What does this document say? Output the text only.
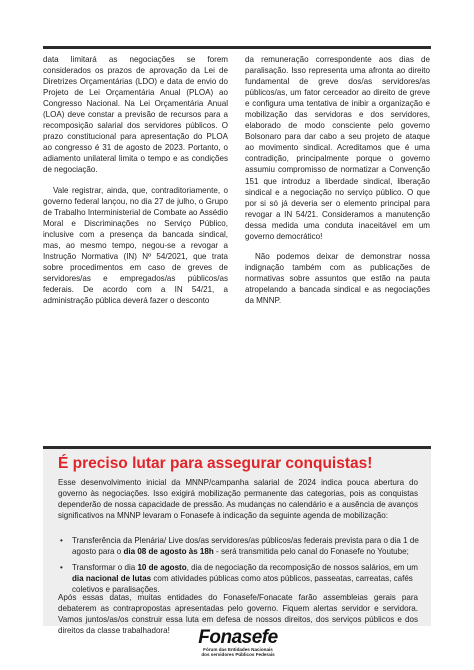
data limitará as negociações se forem considerados os prazos de aprovação da Lei de Diretrizes Orçamentárias (LDO) e data de envio do Projeto de Lei Orçamentária Anual (PLOA) ao Congresso Nacional. Na Lei Orçamentária Anual (LOA) deve constar a previsão de recursos para a recomposição salarial dos servidores públicos. O prazo constitucional para apresentação do PLOA ao congresso é 31 de agosto de 2023. Portanto, o adiamento unilateral limita o tempo e as condições de negociação.

Vale registrar, ainda, que, contraditoriamente, o governo federal lançou, no dia 27 de julho, o Grupo de Trabalho Interministerial de Combate ao Assédio Moral e Discriminações no Serviço Público, inclusive com a presença da bancada sindical, mas, ao mesmo tempo, negou-se a revogar a Instrução Normativa (IN) Nº 54/2021, que trata sobre procedimentos em caso de greves de servidores/as e empregados/as públicos/as federais. De acordo com a IN 54/21, a administração pública deverá fazer o desconto

da remuneração correspondente aos dias de paralisação. Isso representa uma afronta ao direito fundamental de greve dos/as servidores/as públicos/as, um fator cerceador ao direito de greve e configura uma tentativa de inibir a organização e mobilização das servidoras e dos servidores, elaborado de modo consciente pelo governo Bolsonaro para dar cabo a seu projeto de ataque ao movimento sindical. Acreditamos que é uma contradição, principalmente porque o governo assumiu compromisso de normatizar a Convenção 151 que introduz a liberdade sindical, liberação sindical e a negociação no serviço público. O que por si só já deveria ser o elemento principal para revogar a IN 54/21. Consideramos a manutenção dessa medida uma conduta inaceitável em um governo democrático!

Não podemos deixar de demonstrar nossa indignação também com as publicações de normativas sobre assuntos que estão na pauta atropelando a bancada sindical e as negociações da MNNP.

É preciso lutar para assegurar conquistas!
Esse desenvolvimento inicial da MNNP/campanha salarial de 2024 indica pouca abertura do governo às negociações. Isso exigirá mobilização permanente das categorias, pois as conquistas dependerão de nossa capacidade de pressão. As mudanças no calendário e a ausência de avanços significativos na MNNP levaram o Fonasefe à indicação da seguinte agenda de mobilização:
• Transferência da Plenária/ Live dos/as servidores/as públicos/as federais prevista para o dia 1 de agosto para o dia 08 de agosto às 18h - será transmitida pelo canal do Fonasefe no Youtube;
• Transformar o dia 10 de agosto, dia de negociação da recomposição de nossos salários, em um dia nacional de lutas com atividades públicas como atos públicos, passeatas, carreatas, cafés coletivos e paralisações.
Após essas datas, muitas entidades do Fonasefe/Fonacate farão assembleias gerais para debaterem as contrapropostas apresentadas pelo governo. Fiquem alertas servidor e servidora. Vamos juntos/as/os construir essa luta em defesa de nossos direitos, dos serviços públicos e dos direitos da classe trabalhadora!	Fonasefe
Fórum das Entidades Nacionais
dos servidores Públicos Federais
